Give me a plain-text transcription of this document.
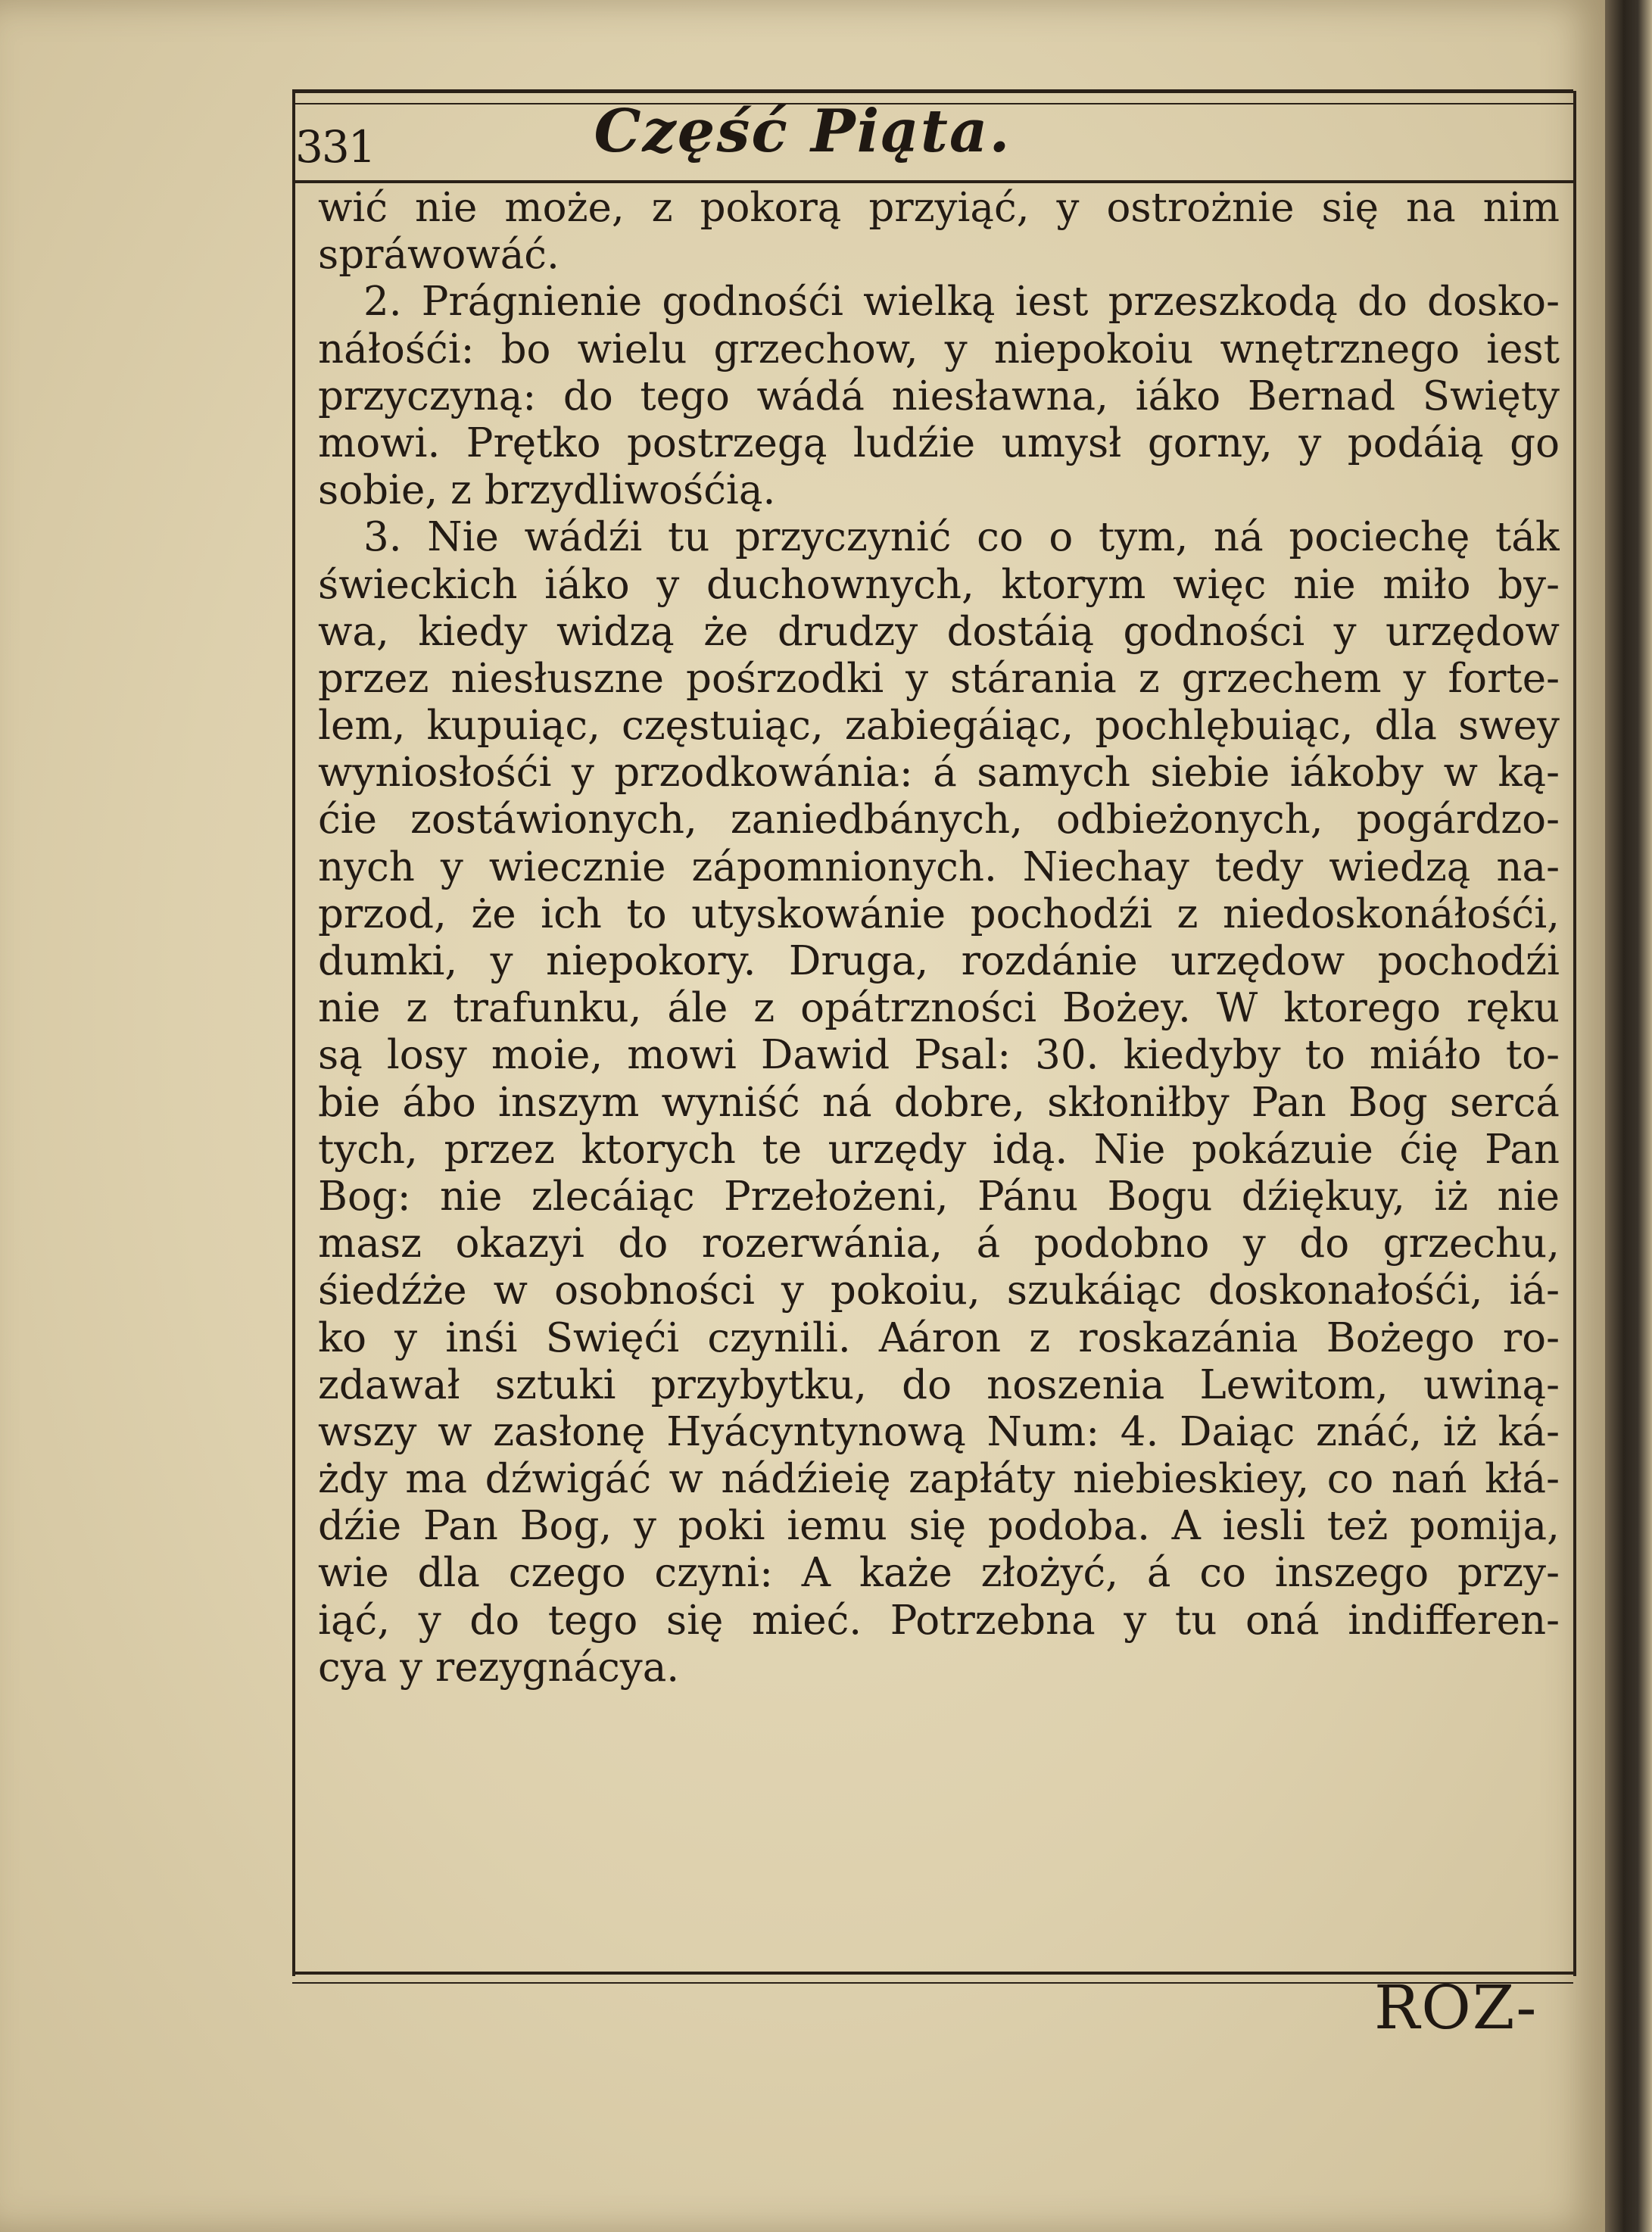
331	Część Piąta.
wić nie może, z pokorą przyiąć, y ostrożnie się na nim
spráwowáć.
2. Prágnienie godnośći wielką iest przeszkodą do dosko-
náłośći: bo wielu grzechow, y niepokoiu wnętrznego iest
przyczyną: do tego wádá niesławna, iáko Bernad Swięty
mowi. Prętko postrzegą ludźie umysł gorny, y podáią go
sobie, z brzydliwośćią.
3. Nie wádźi tu przyczynić co o tym, ná pociechę ták
świeckich iáko y duchownych, ktorym więc nie miło by-
wa, kiedy widzą że drudzy dostáią godności y urzędow
przez niesłuszne pośrzodki y stárania z grzechem y forte-
lem, kupuiąc, częstuiąc, zabiegáiąc, pochlębuiąc, dla swey
wyniosłośći y przodkowánia: á samych siebie iákoby w ką-
ćie zostáwionych, zaniedbánych, odbieżonych, pogárdzo-
nych y wiecznie zápomnionych. Niechay tedy wiedzą na-
przod, że ich to utyskowánie pochodźi z niedoskonáłośći,
dumki, y niepokory. Druga, rozdánie urzędow pochodźi
nie z trafunku, ále z opátrzności Bożey. W ktorego ręku
są losy moie, mowi Dawid Psal: 30. kiedyby to miáło to-
bie ábo inszym wyniść ná dobre, skłoniłby Pan Bog sercá
tych, przez ktorych te urzędy idą. Nie pokázuie ćię Pan
Bog: nie zlecáiąc Przełożeni, Pánu Bogu dźiękuy, iż nie
masz okazyi do rozerwánia, á podobno y do grzechu,
śiedźże w osobności y pokoiu, szukáiąc doskonałośći, iá-
ko y inśi Swięći czynili. Aáron z roskazánia Bożego ro-
zdawał sztuki przybytku, do noszenia Lewitom, uwiną-
wszy w zasłonę Hyácyntynową Num: 4. Daiąc znáć, iż ká-
żdy ma dźwigáć w nádźieię zapłáty niebieskiey, co nań kłá-
dźie Pan Bog, y poki iemu się podoba. A iesli też pomija,
wie dla czego czyni: A każe złożyć, á co inszego przy-
iąć, y do tego się mieć. Potrzebna y tu oná indifferen-
cya y rezygnácya.
ROZ-
